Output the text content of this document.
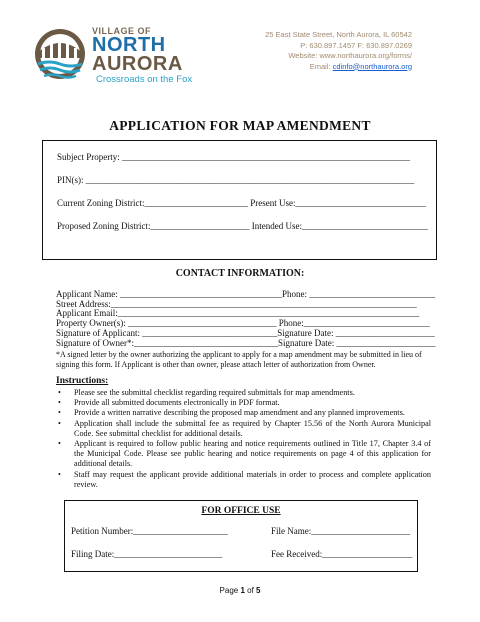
VILLAGE OF
NORTH
AURORA
Crossroads on the Fox
25 East State Street, North Aurora, IL 60542
P: 630.897.1457 F: 630.897.0269
Website: www.northaurora.org/forms/
Email: cdinfo@northaurora.org
APPLICATION FOR MAP AMENDMENT
Subject Property: ________________________________________________________________
PIN(s): _________________________________________________________________________
Current Zoning District:_______________________ Present Use:_____________________________
Proposed Zoning District:______________________ Intended Use:____________________________
CONTACT INFORMATION:
Applicant Name: ____________________________________Phone: ____________________________
Street Address:____________________________________________________________________
Applicant Email:___________________________________________________________________
Property Owner(s): _________________________________ Phone:____________________________
Signature of Applicant: ______________________________Signature Date: ______________________
Signature of Owner*:________________________________Signature Date: ______________________
*A signed letter by the owner authorizing the applicant to apply for a map amendment may be submitted in lieu of signing this form. If Applicant is other than owner, please attach letter of authorization from Owner.
Instructions:
• Please see the submittal checklist regarding required submittals for map amendments.
• Provide all submitted documents electronically in PDF format.
• Provide a written narrative describing the proposed map amendment and any planned improvements.
• Application shall include the submittal fee as required by Chapter 15.56 of the North Aurora Municipal Code. See submittal checklist for additional details.
• Applicant is required to follow public hearing and notice requirements outlined in Title 17, Chapter 3.4 of the Municipal Code. Please see public hearing and notice requirements on page 4 of this application for additional details.
• Staff may request the applicant provide additional materials in order to process and complete application review.
FOR OFFICE USE
Petition Number:_____________________	File Name:______________________
Filing Date:________________________	Fee Received:____________________
Page 1 of 5
